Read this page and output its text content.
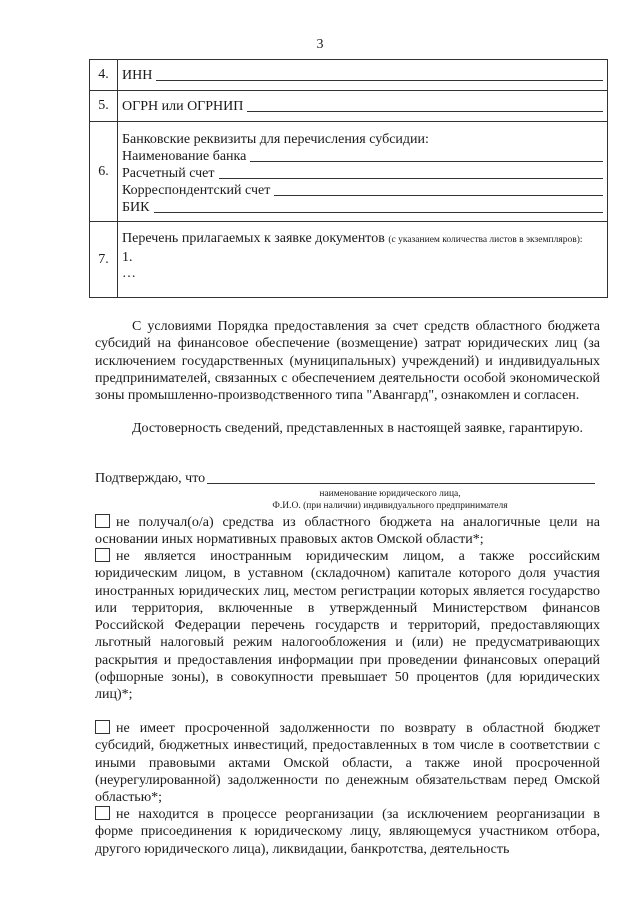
3
4.	ИНН

5.	ОГРН или ОГРНИП

6.	Банковские реквизиты для перечисления субсидии:
Наименование банка
Расчетный счет
Корреспондентский счет
БИК

7.	Перечень прилагаемых к заявке документов (с указанием количества листов в экземпляров):
1.
…
С условиями Порядка предоставления за счет средств областного бюджета субсидий на финансовое обеспечение (возмещение) затрат юридических лиц (за исключением государственных (муниципальных) учреждений) и индивидуальных предпринимателей, связанных с обеспечением деятельности особой экономической зоны промышленно-производственного типа "Авангард", ознакомлен и согласен.
Достоверность сведений, представленных в настоящей заявке, гарантирую.
Подтверждаю, что
наименование юридического лица,
Ф.И.О. (при наличии) индивидуального предпринимателя
не получал(о/а) средства из областного бюджета на аналогичные цели на основании иных нормативных правовых актов Омской области*;
не является иностранным юридическим лицом, а также российским юридическим лицом, в уставном (складочном) капитале которого доля участия иностранных юридических лиц, местом регистрации которых является государство или территория, включенные в утвержденный Министерством финансов Российской Федерации перечень государств и территорий, предоставляющих льготный налоговый режим налогообложения и (или) не предусматривающих раскрытия и предоставления информации при проведении финансовых операций (офшорные зоны), в совокупности превышает 50 процентов (для юридических лиц)*;
не имеет просроченной задолженности по возврату в областной бюджет субсидий, бюджетных инвестиций, предоставленных в том числе в соответствии с иными правовыми актами Омской области, а также иной просроченной (неурегулированной) задолженности по денежным обязательствам перед Омской областью*;
не находится в процессе реорганизации (за исключением реорганизации в форме присоединения к юридическому лицу, являющемуся участником отбора, другого юридического лица), ликвидации, банкротства, деятельность
